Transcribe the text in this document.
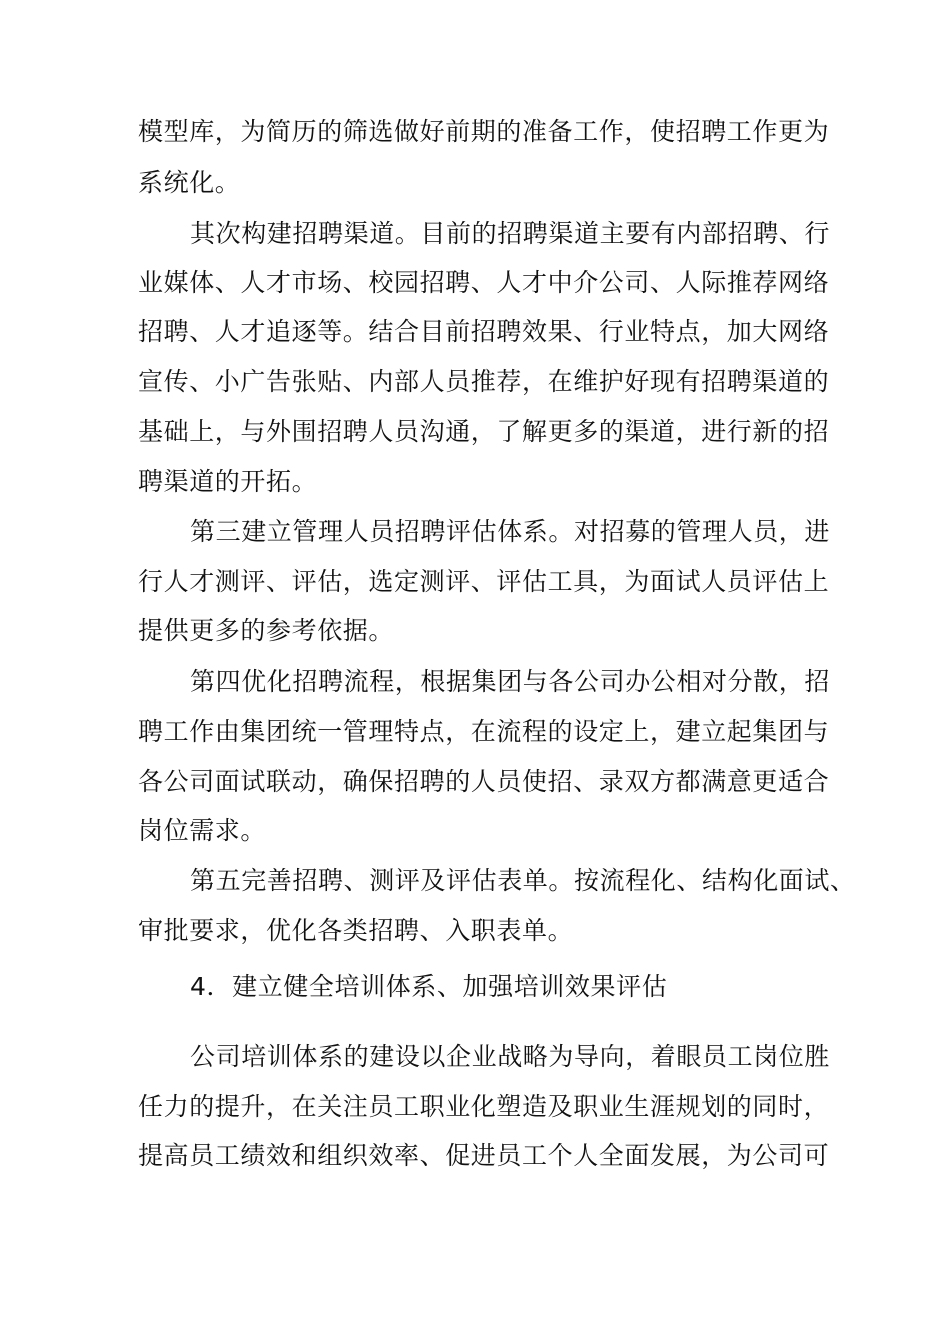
模型库，为简历的筛选做好前期的准备工作，使招聘工作更为
系统化。
其次构建招聘渠道。目前的招聘渠道主要有内部招聘、行
业媒体、人才市场、校园招聘、人才中介公司、人际推荐网络
招聘、人才追逐等。结合目前招聘效果、行业特点，加大网络
宣传、小广告张贴、内部人员推荐，在维护好现有招聘渠道的
基础上，与外围招聘人员沟通，了解更多的渠道，进行新的招
聘渠道的开拓。
第三建立管理人员招聘评估体系。对招募的管理人员，进
行人才测评、评估，选定测评、评估工具，为面试人员评估上
提供更多的参考依据。
第四优化招聘流程，根据集团与各公司办公相对分散，招
聘工作由集团统一管理特点，在流程的设定上，建立起集团与
各公司面试联动，确保招聘的人员使招、录双方都满意更适合
岗位需求。
第五完善招聘、测评及评估表单。按流程化、结构化面试、
审批要求，优化各类招聘、入职表单。
4．建立健全培训体系、加强培训效果评估
公司培训体系的建设以企业战略为导向，着眼员工岗位胜
任力的提升，在关注员工职业化塑造及职业生涯规划的同时，
提高员工绩效和组织效率、促进员工个人全面发展，为公司可
